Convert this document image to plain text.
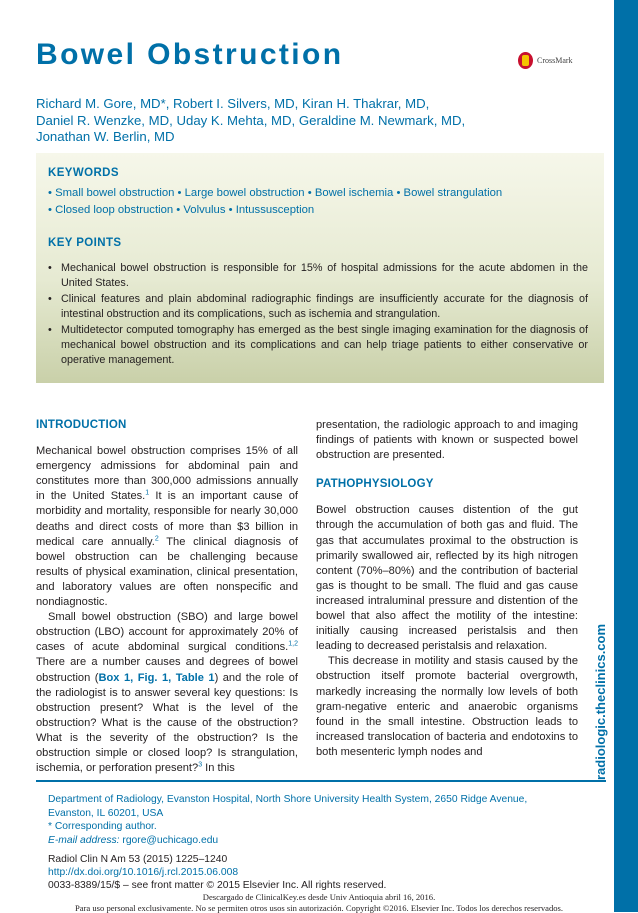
Bowel Obstruction	CrossMark

Richard M. Gore, MD*, Robert I. Silvers, MD, Kiran H. Thakrar, MD,
Daniel R. Wenzke, MD, Uday K. Mehta, MD, Geraldine M. Newmark, MD,
Jonathan W. Berlin, MD

KEYWORDS
• Small bowel obstruction • Large bowel obstruction • Bowel ischemia • Bowel strangulation
• Closed loop obstruction • Volvulus • Intussusception
KEY POINTS
• Mechanical bowel obstruction is responsible for 15% of hospital admissions for the acute abdomen in the United States.
• Clinical features and plain abdominal radiographic findings are insufficiently accurate for the diagnosis of intestinal obstruction and its complications, such as ischemia and strangulation.
• Multidetector computed tomography has emerged as the best single imaging examination for the diagnosis of mechanical bowel obstruction and its complications and can help triage patients to either conservative or operative management.
INTRODUCTION

Mechanical bowel obstruction comprises 15% of all emergency admissions for abdominal pain and constitutes more than 300,000 admissions annually in the United States.$^1$ It is an important cause of morbidity and mortality, responsible for nearly 30,000 deaths and direct costs of more than $3 billion in medical care annually.$^2$ The clinical diagnosis of bowel obstruction can be challenging because results of physical examination, clinical presentation, and laboratory values are often nonspecific and nondiagnostic.

Small bowel obstruction (SBO) and large bowel obstruction (LBO) account for approximately 20% of cases of acute abdominal surgical conditions.$^{1,2}$ There are a number causes and degrees of bowel obstruction (Box 1, Fig. 1, Table 1) and the role of the radiologist is to answer several key questions: Is obstruction present? What is the level of the obstruction? What is the cause of the obstruction? What is the severity of the obstruction? Is the obstruction simple or closed loop? Is strangulation, ischemia, or perforation present?$^3$ In this

presentation, the radiologic approach to and imaging findings of patients with known or suspected bowel obstruction are presented.

PATHOPHYSIOLOGY

Bowel obstruction causes distention of the gut through the accumulation of both gas and fluid. The gas that accumulates proximal to the obstruction is primarily swallowed air, reflected by its high nitrogen content (70%–80%) and the contribution of bacterial gas is thought to be small. The fluid and gas cause increased intraluminal pressure and distention of the bowel that also affect the motility of the intestine: initially causing increased peristalsis and then leading to decreased peristalsis and relaxation.

This decrease in motility and stasis caused by the obstruction itself promote bacterial overgrowth, markedly increasing the normally low levels of both gram-negative enteric and anaerobic organisms found in the small intestine. Obstruction leads to increased translocation of bacteria and endotoxins to both mesenteric lymph nodes and	radiologic.theclinics.com

Department of Radiology, Evanston Hospital, North Shore University Health System, 2650 Ridge Avenue, Evanston, IL 60201, USA
* Corresponding author.
E-mail address: rgore@uchicago.edu

Radiol Clin N Am 53 (2015) 1225–1240
http://dx.doi.org/10.1016/j.rcl.2015.06.008
0033-8389/15/$ – see front matter © 2015 Elsevier Inc. All rights reserved.

Descargado de ClinicalKey.es desde Univ Antioquia abril 16, 2016.
Para uso personal exclusivamente. No se permiten otros usos sin autorización. Copyright ©2016. Elsevier Inc. Todos los derechos reservados.
